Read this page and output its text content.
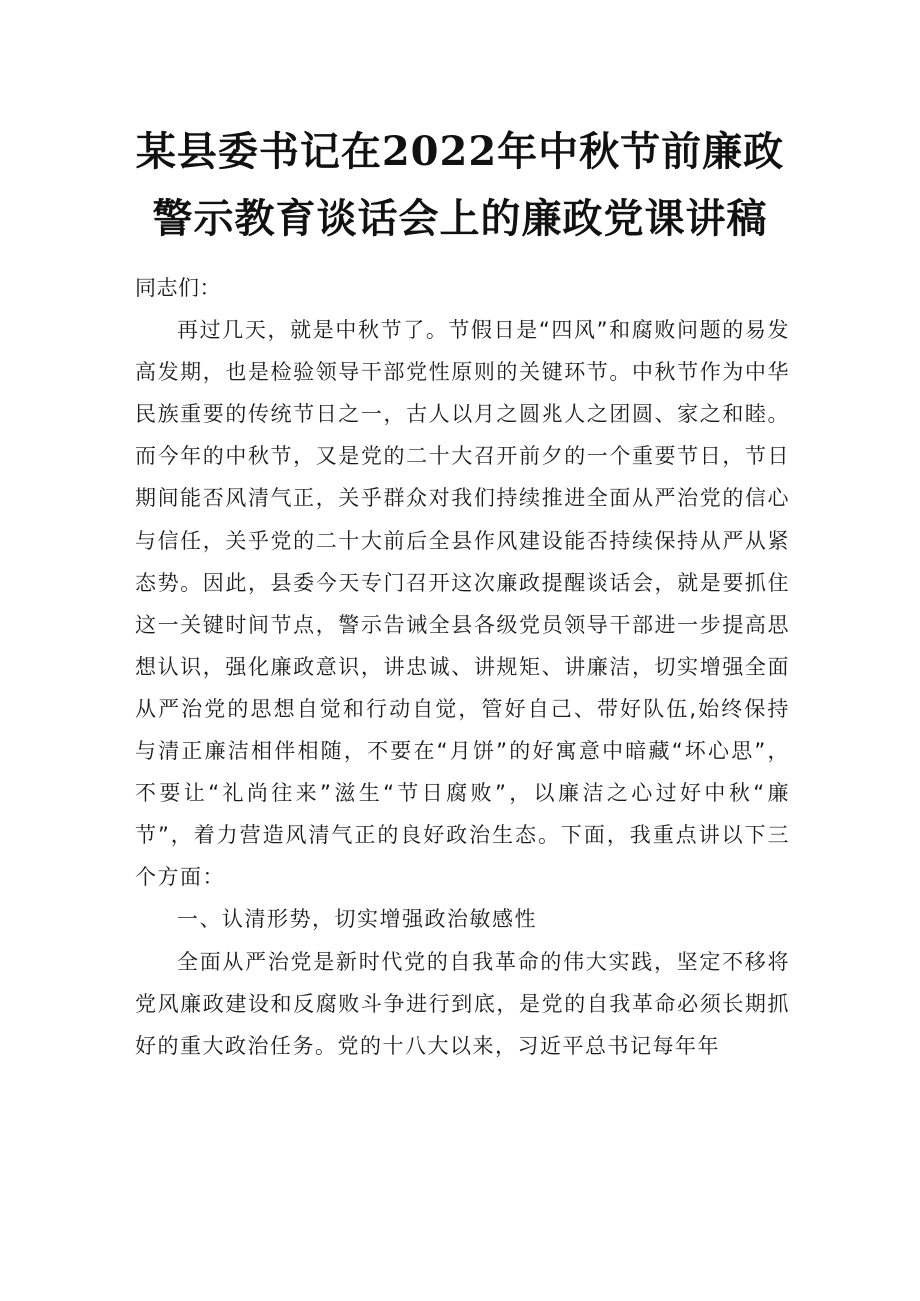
某县委书记在2022年中秋节前廉政
警示教育谈话会上的廉政党课讲稿

同志们：

再过几天，就是中秋节了。节假日是“四风”和腐败问题的易发高发期，也是检验领导干部党性原则的关键环节。中秋节作为中华民族重要的传统节日之一，古人以月之圆兆人之团圆、家之和睦。而今年的中秋节，又是党的二十大召开前夕的一个重要节日，节日期间能否风清气正，关乎群众对我们持续推进全面从严治党的信心与信任，关乎党的二十大前后全县作风建设能否持续保持从严从紧态势。因此，县委今天专门召开这次廉政提醒谈话会，就是要抓住这一关键时间节点，警示告诫全县各级党员领导干部进一步提高思想认识，强化廉政意识，讲忠诚、讲规矩、讲廉洁，切实增强全面从严治党的思想自觉和行动自觉，管好自己、带好队伍,始终保持与清正廉洁相伴相随，不要在“月饼”的好寓意中暗藏“坏心思”，不要让“礼尚往来”滋生“节日腐败”，以廉洁之心过好中秋“廉节”，着力营造风清气正的良好政治生态。下面，我重点讲以下三个方面：

一、认清形势，切实增强政治敏感性

全面从严治党是新时代党的自我革命的伟大实践，坚定不移将党风廉政建设和反腐败斗争进行到底，是党的自我革命必须长期抓好的重大政治任务。党的十八大以来，习近平总书记每年年
